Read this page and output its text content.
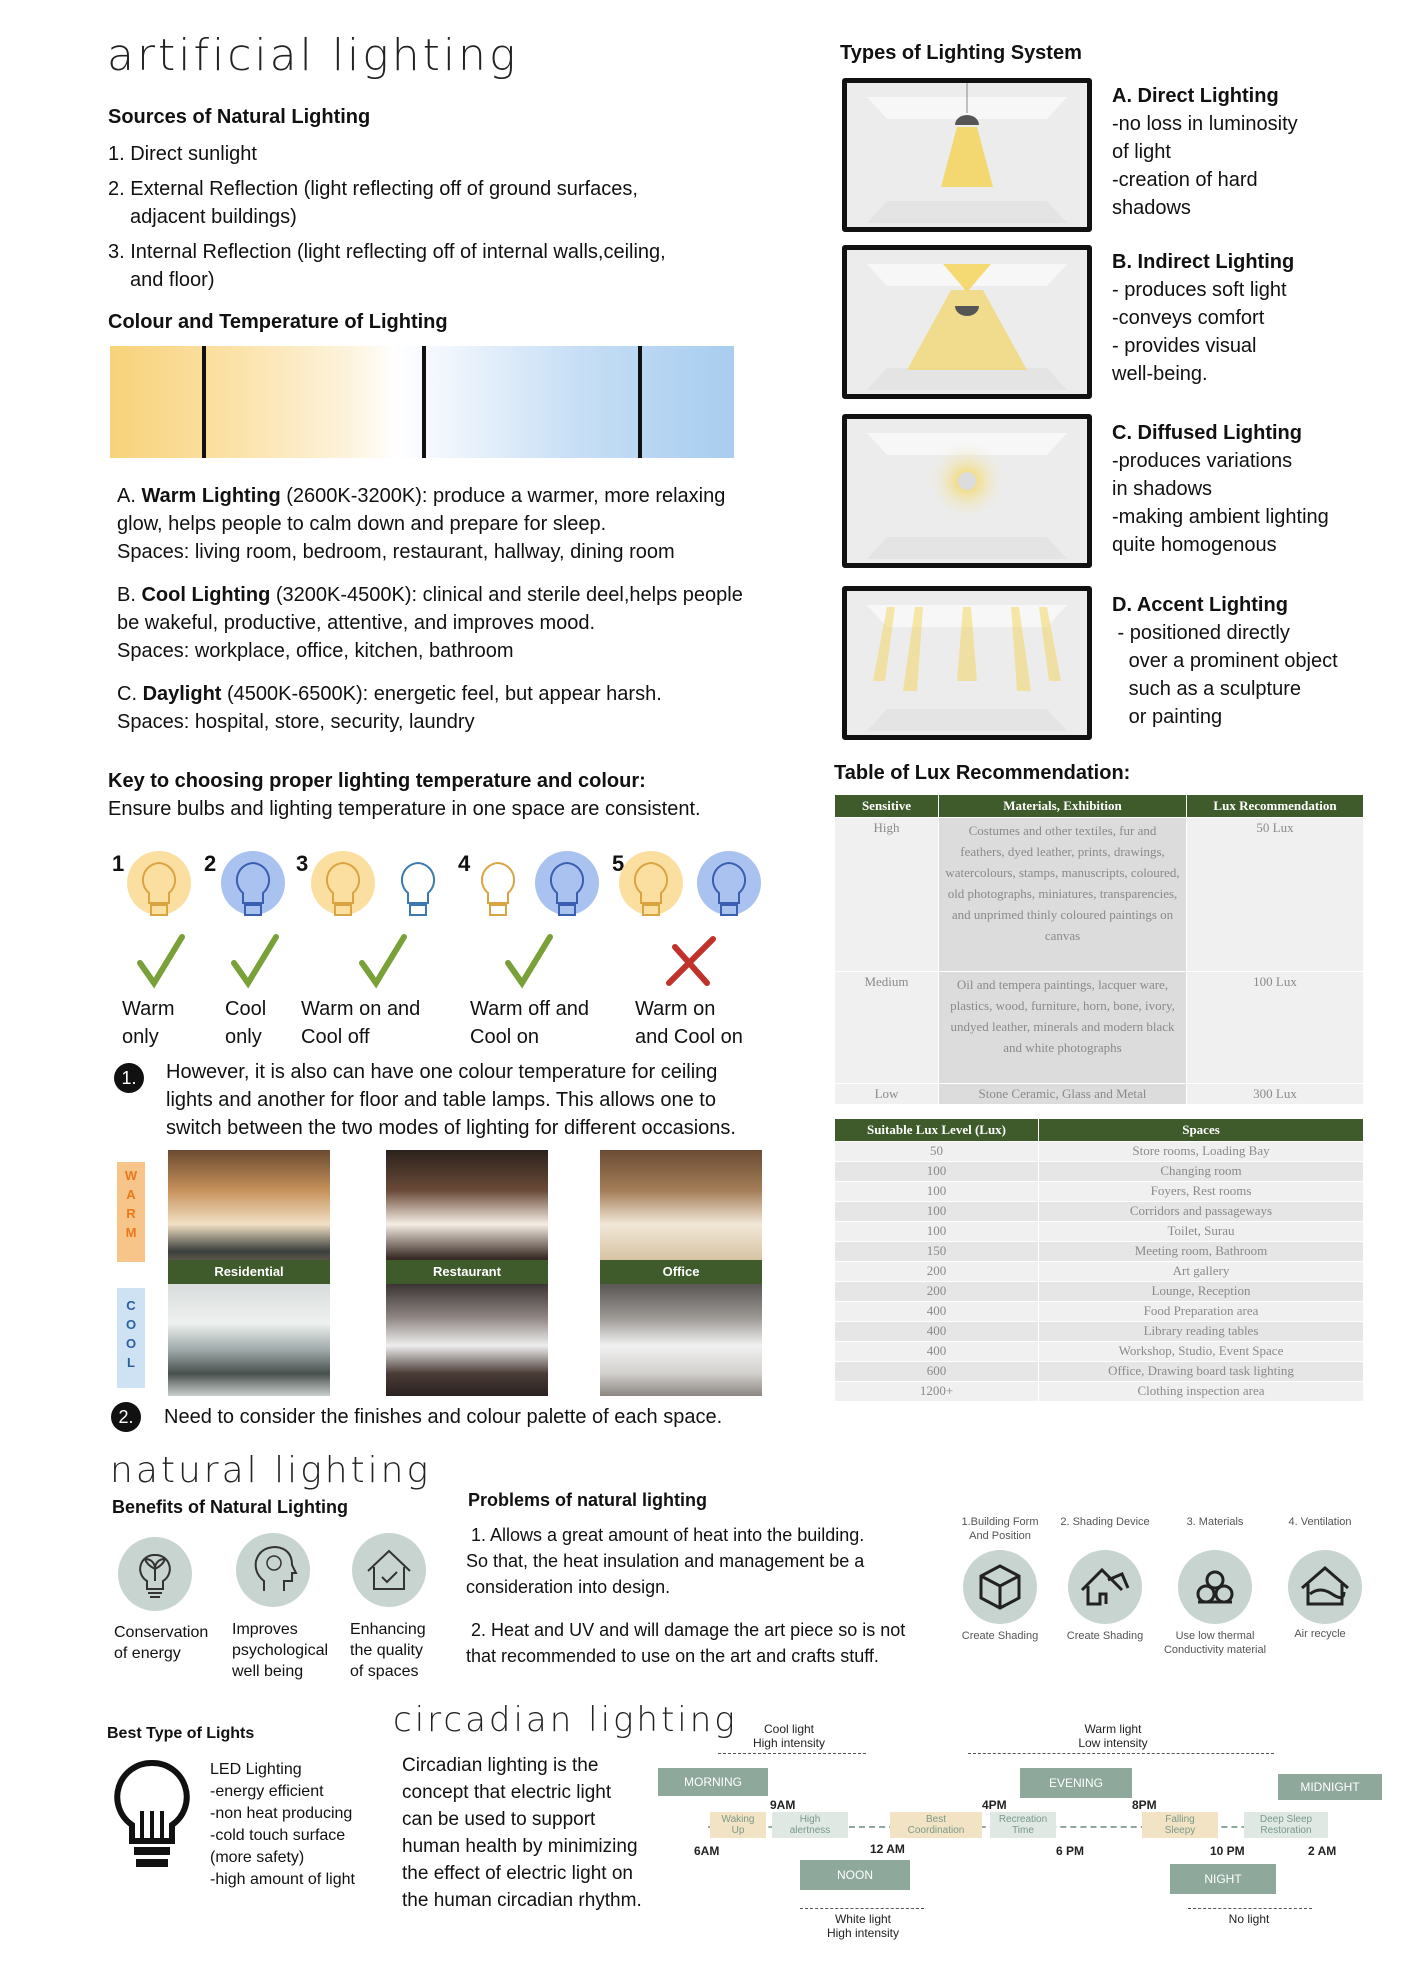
artificial lighting
Sources of Natural Lighting
1. Direct sunlight
2. External Reflection (light reflecting off of ground surfaces,
adjacent buildings)
3. Internal Reflection (light reflecting off of internal walls,ceiling,
and floor)
Colour and Temperature of Lighting
A. Warm Lighting (2600K-3200K): produce a warmer, more relaxing
glow, helps people to calm down and prepare for sleep.
Spaces: living room, bedroom, restaurant, hallway, dining room
B. Cool Lighting (3200K-4500K): clinical and sterile deel,helps people
be wakeful, productive, attentive, and improves mood.
Spaces: workplace, office, kitchen, bathroom
C. Daylight (4500K-6500K): energetic feel, but appear harsh.
Spaces: hospital, store, security, laundry
Key to choosing proper lighting temperature and colour:
Ensure bulbs and lighting temperature in one space are consistent.
1	2	3	4	5
Warm
only
Cool
only
Warm on and
Cool off
Warm off and
Cool on
Warm on
and Cool on
1.	However, it is also can have one colour temperature for ceiling
lights and another for floor and table lamps. This allows one to
switch between the two modes of lighting for different occasions.
W
A
R
M
C
O
O
L
Residential	Restaurant	Office
2.	Need to consider the finishes and colour palette of each space.
Types of Lighting System
A. Direct Lighting
-no loss in luminosity
of light
-creation of hard
shadows
B. Indirect Lighting
- produces soft light
-conveys comfort
- provides visual
well-being.
C. Diffused Lighting
-produces variations
in shadows
-making ambient lighting
quite homogenous
D. Accent Lighting
- positioned directly
over a prominent object
such as a sculpture
or painting
Table of Lux Recommendation:
Sensitive	Materials, Exhibition	Lux Recommendation
High	Costumes and other textiles, fur and feathers, dyed leather, prints, drawings, watercolours, stamps, manuscripts, coloured, old photographs, miniatures, transparencies, and unprimed thinly coloured paintings on canvas	50 Lux
Medium	Oil and tempera paintings, lacquer ware, plastics, wood, furniture, horn, bone, ivory, undyed leather, minerals and modern black and white photographs	100 Lux
Low	Stone Ceramic, Glass and Metal	300 Lux
Suitable Lux Level (Lux)	Spaces
50	Store rooms, Loading Bay
100	Changing room
100	Foyers, Rest rooms
100	Corridors and passageways
100	Toilet, Surau
150	Meeting room, Bathroom
200	Art gallery
200	Lounge, Reception
400	Food Preparation area
400	Library reading tables
400	Workshop, Studio, Event Space
600	Office, Drawing board task lighting
1200+	Clothing inspection area
natural lighting
Benefits of Natural Lighting
Conservation
of energy
Improves
psychological
well being
Enhancing
the quality
of spaces
Problems of natural lighting
1. Allows a great amount of heat into the building.
So that, the heat insulation and management be a
consideration into design.
2. Heat and UV and will damage the art piece so is not
that recommended to use on the art and crafts stuff.
1.Building Form
And Position
2. Shading Device	3. Materials	4. Ventilation
Create Shading	Create Shading	Use low thermal
Conductivity material
Air recycle
Best Type of Lights
LED Lighting
-energy efficient
-non heat producing
-cold touch surface
(more safety)
-high amount of light
circadian lighting
Circadian lighting is the
concept that electric light
can be used to support
human health by minimizing
the effect of electric light on
the human circadian rhythm.
Cool light
High intensity
Warm light
Low intensity
MORNING	EVENING	MIDNIGHT
9AM	4PM	8PM
Waking
Up
High
alertness
Best
Coordination
Recreation
Time
Falling
Sleepy
Deep Sleep
Restoration
6AM	12 AM	6 PM	10 PM	2 AM
NOON	NIGHT
White light
High intensity
No light
